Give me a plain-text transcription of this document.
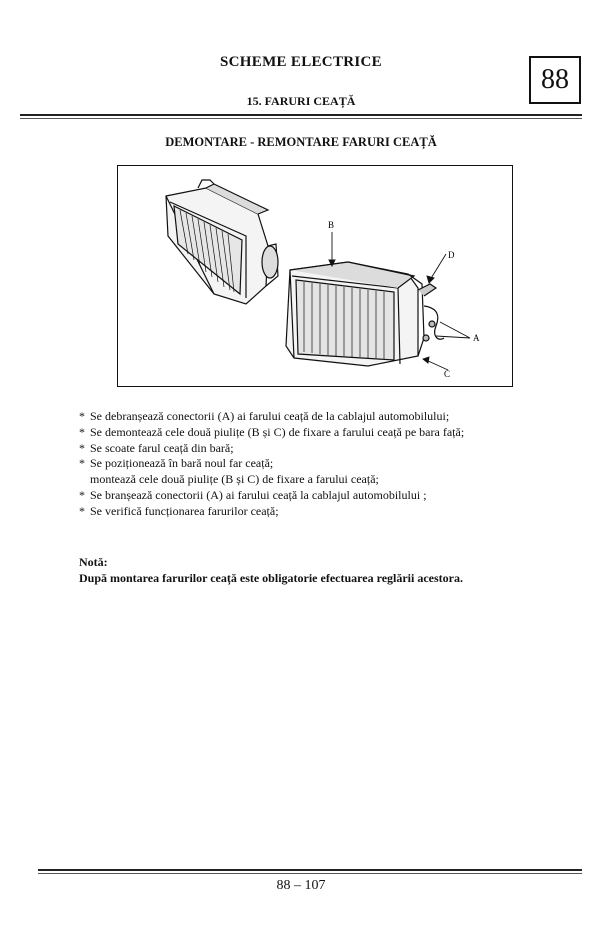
SCHEME ELECTRICE
88
15. FARURI CEAȚĂ
DEMONTARE - REMONTARE FARURI CEAȚĂ
B
D
A
C
* Se debranșează conectorii (A) ai farului ceață de la cablajul automobilului;
* Se demontează cele două piulițe (B și C) de fixare a farului ceață pe bara față;
* Se scoate farul ceață din bară;
* Se poziționează în bară noul far ceață;
montează cele două piulițe (B și C) de fixare a farului ceață;
* Se branșează conectorii (A) ai farului ceață la cablajul automobilului ;
* Se verifică funcționarea farurilor ceață;
Notă:
După montarea farurilor ceață este obligatorie efectuarea reglării acestora.
88 – 107
